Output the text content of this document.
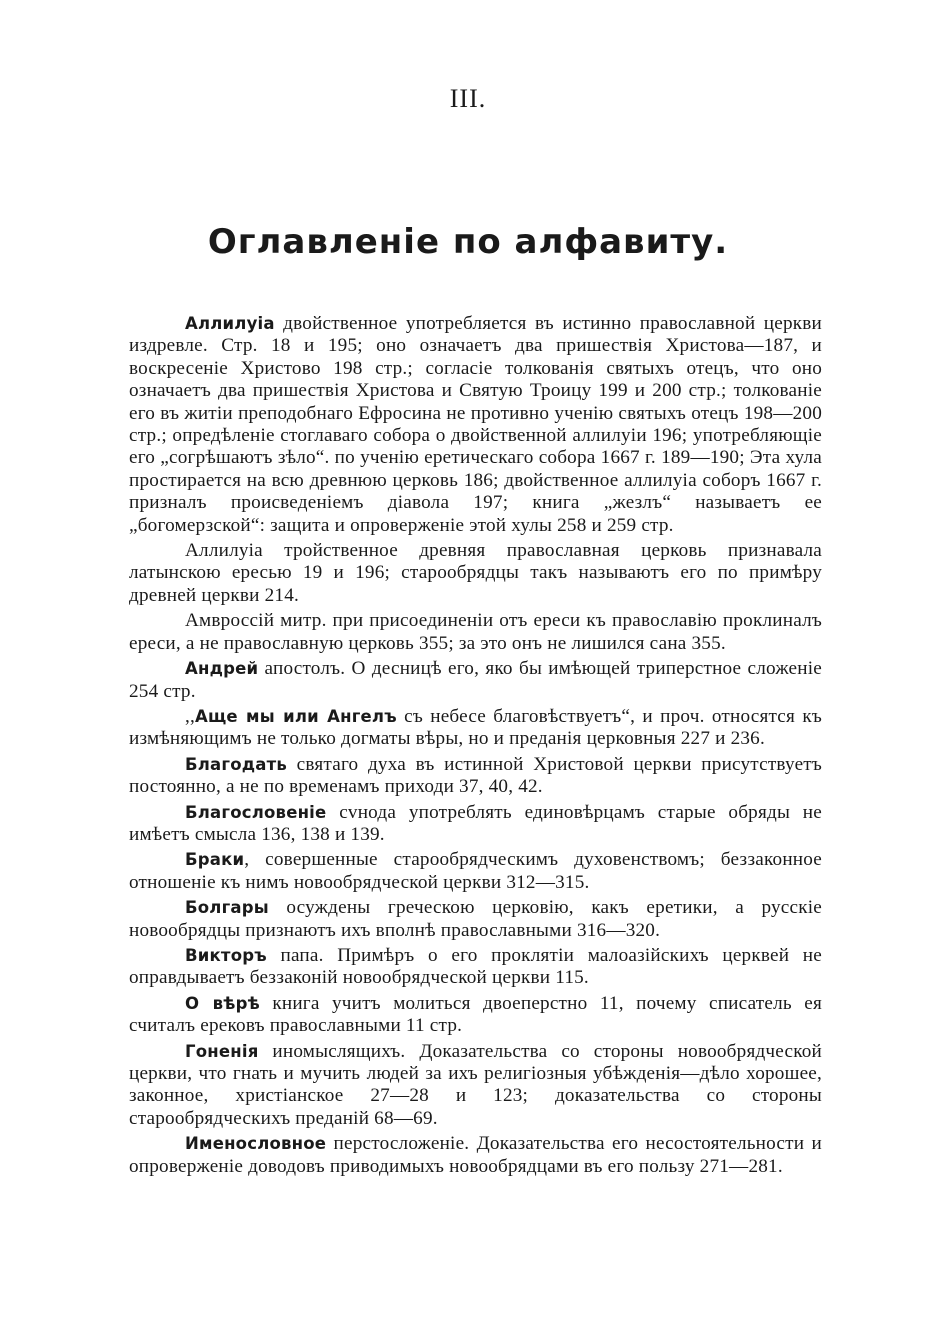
III.
Оглавленiе по алфавиту.

Аллилуiа двойственное употребляется въ истинно православной церкви издревле. Стр. 18 и 195; оно означаетъ два пришествiя Христова—187, и воскресенiе Христово 198 стр.; согласiе толкованiя святыхъ отецъ, что оно означаетъ два пришествiя Христова и Святую Троицу 199 и 200 стр.; толкованiе его въ житiи преподобнаго Ефросина не противно ученiю святыхъ отецъ 198—200 стр.; опредѣленiе стоглаваго собора о двойственной аллилуiи 196; употребляющiе его „согрѣшаютъ зѣло“. по ученiю еретическаго собора 1667 г. 189—190; Эта хула простирается на всю древнюю церковь 186; двойственное аллилуiа соборъ 1667 г. призналъ происведенiемъ дiавола 197; книга „жезлъ“ называетъ ее „богомерзской“: защита и опроверженiе этой хулы 258 и 259 стр.

Аллилуiа тройственное древняя православная церковь признавала латынскою ересью 19 и 196; старообрядцы такъ называютъ его по примѣру древней церкви 214.

Амвроссiй митр. при присоединенiи отъ ереси къ православiю проклиналъ ереси, а не православную церковь 355; за это онъ не лишился сана 355.

Андрей апостолъ. О десницѣ его, яко бы имѣющей триперстное сложенiе 254 стр.

,,Аще мы или Ангелъ съ небесе благовѣствуетъ“, и проч. относятся къ измѣняющимъ не только догматы вѣры, но и преданiя церковныя 227 и 236.

Благодать святаго духа въ истинной Христовой церкви присутствуетъ постоянно, а не по временамъ приходи 37, 40, 42.

Благословенiе сvнода употреблять единовѣрцамъ старые обряды не имѣетъ смысла 136, 138 и 139.

Браки, совершенные старообрядческимъ духовенствомъ; беззаконное отношенiе къ нимъ новообрядческой церкви 312—315.

Болгары осуждены греческою церковiю, какъ еретики, а русскiе новообрядцы признаютъ ихъ вполнѣ православными 316—320.

Викторъ папа. Примѣръ о его проклятiи малоазiйскихъ церквей не оправдываетъ беззаконiй новообрядческой церкви 115.

О вѣрѣ книга учитъ молиться двоеперстно 11, почему списатель ея считалъ ерековъ православными 11 стр.

Гоненiя иномыслящихъ. Доказательства со стороны новообрядческой церкви, что гнать и мучить людей за ихъ религiозныя убѣжденiя—дѣло хорошее, законное, христiанское 27—28 и 123; доказательства со стороны старообрядческихъ преданiй 68—69.

Именословное перстосложенiе. Доказательства его несостоятельности и опроверженiе доводовъ приводимыхъ новообрядцами въ его пользу 271—281.
